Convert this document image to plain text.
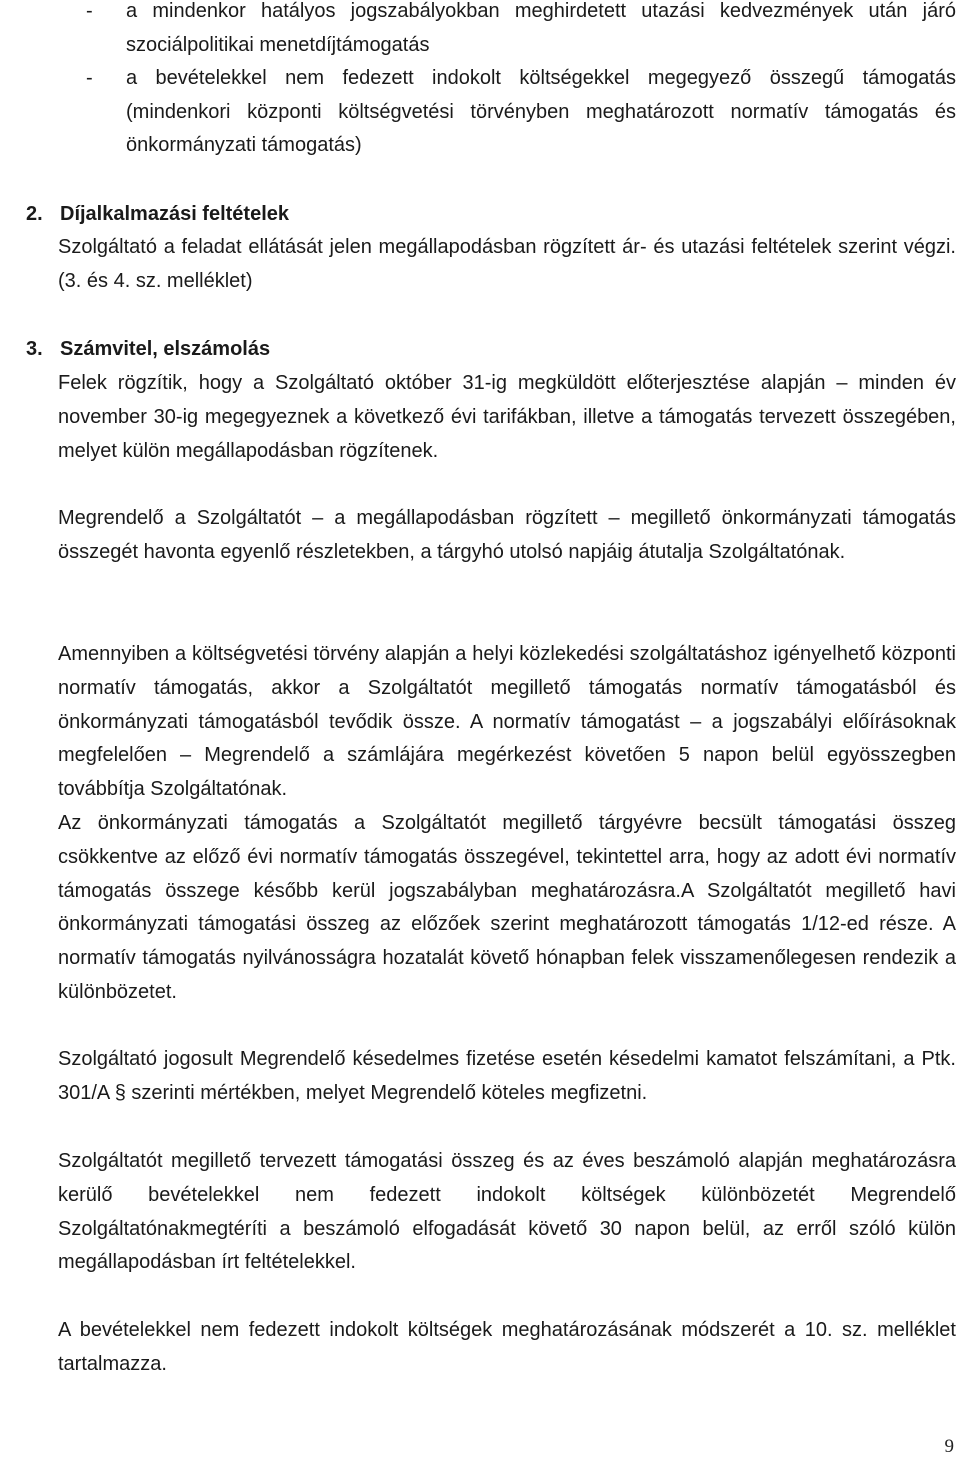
- a mindenkor hatályos jogszabályokban meghirdetett utazási kedvezmények után járó szociálpolitikai menetdíjtámogatás
- a bevételekkel nem fedezett indokolt költségekkel megegyező összegű támogatás (mindenkori központi költségvetési törvényben meghatározott normatív támogatás és önkormányzati támogatás)
2. Díjalkalmazási feltételek
Szolgáltató a feladat ellátását jelen megállapodásban rögzített ár- és utazási feltételek szerint végzi. (3. és 4. sz. melléklet)
3. Számvitel, elszámolás
Felek rögzítik, hogy a Szolgáltató október 31-ig megküldött előterjesztése alapján – minden év november 30-ig megegyeznek a következő évi tarifákban, illetve a támogatás tervezett összegében, melyet külön megállapodásban rögzítenek.
Megrendelő a Szolgáltatót – a megállapodásban rögzített – megillető önkormányzati támogatás összegét havonta egyenlő részletekben, a tárgyhó utolsó napjáig átutalja Szolgáltatónak.
Amennyiben a költségvetési törvény alapján a helyi közlekedési szolgáltatáshoz igényelhető központi normatív támogatás, akkor a Szolgáltatót megillető támogatás normatív támogatásból és önkormányzati támogatásból tevődik össze. A normatív támogatást – a jogszabályi előírásoknak megfelelően – Megrendelő a számlájára megérkezést követően 5 napon belül egyösszegben továbbítja Szolgáltatónak.
Az önkormányzati támogatás a Szolgáltatót megillető tárgyévre becsült támogatási összeg csökkentve az előző évi normatív támogatás összegével, tekintettel arra, hogy az adott évi normatív támogatás összege később kerül jogszabályban meghatározásra.A Szolgáltatót megillető havi önkormányzati támogatási összeg az előzőek szerint meghatározott támogatás 1/12-ed része. A normatív támogatás nyilvánosságra hozatalát követő hónapban felek visszamenőlegesen rendezik a különbözetet.
Szolgáltató jogosult Megrendelő késedelmes fizetése esetén késedelmi kamatot felszámítani, a Ptk. 301/A § szerinti mértékben, melyet Megrendelő köteles megfizetni.
Szolgáltatót megillető tervezett támogatási összeg és az éves beszámoló alapján meghatározásra kerülő bevételekkel nem fedezett indokolt költségek különbözetét Megrendelő Szolgáltatónakmegtéríti a beszámoló elfogadását követő 30 napon belül, az erről szóló külön megállapodásban írt feltételekkel.
A bevételekkel nem fedezett indokolt költségek meghatározásának módszerét a 10. sz. melléklet tartalmazza.
9
